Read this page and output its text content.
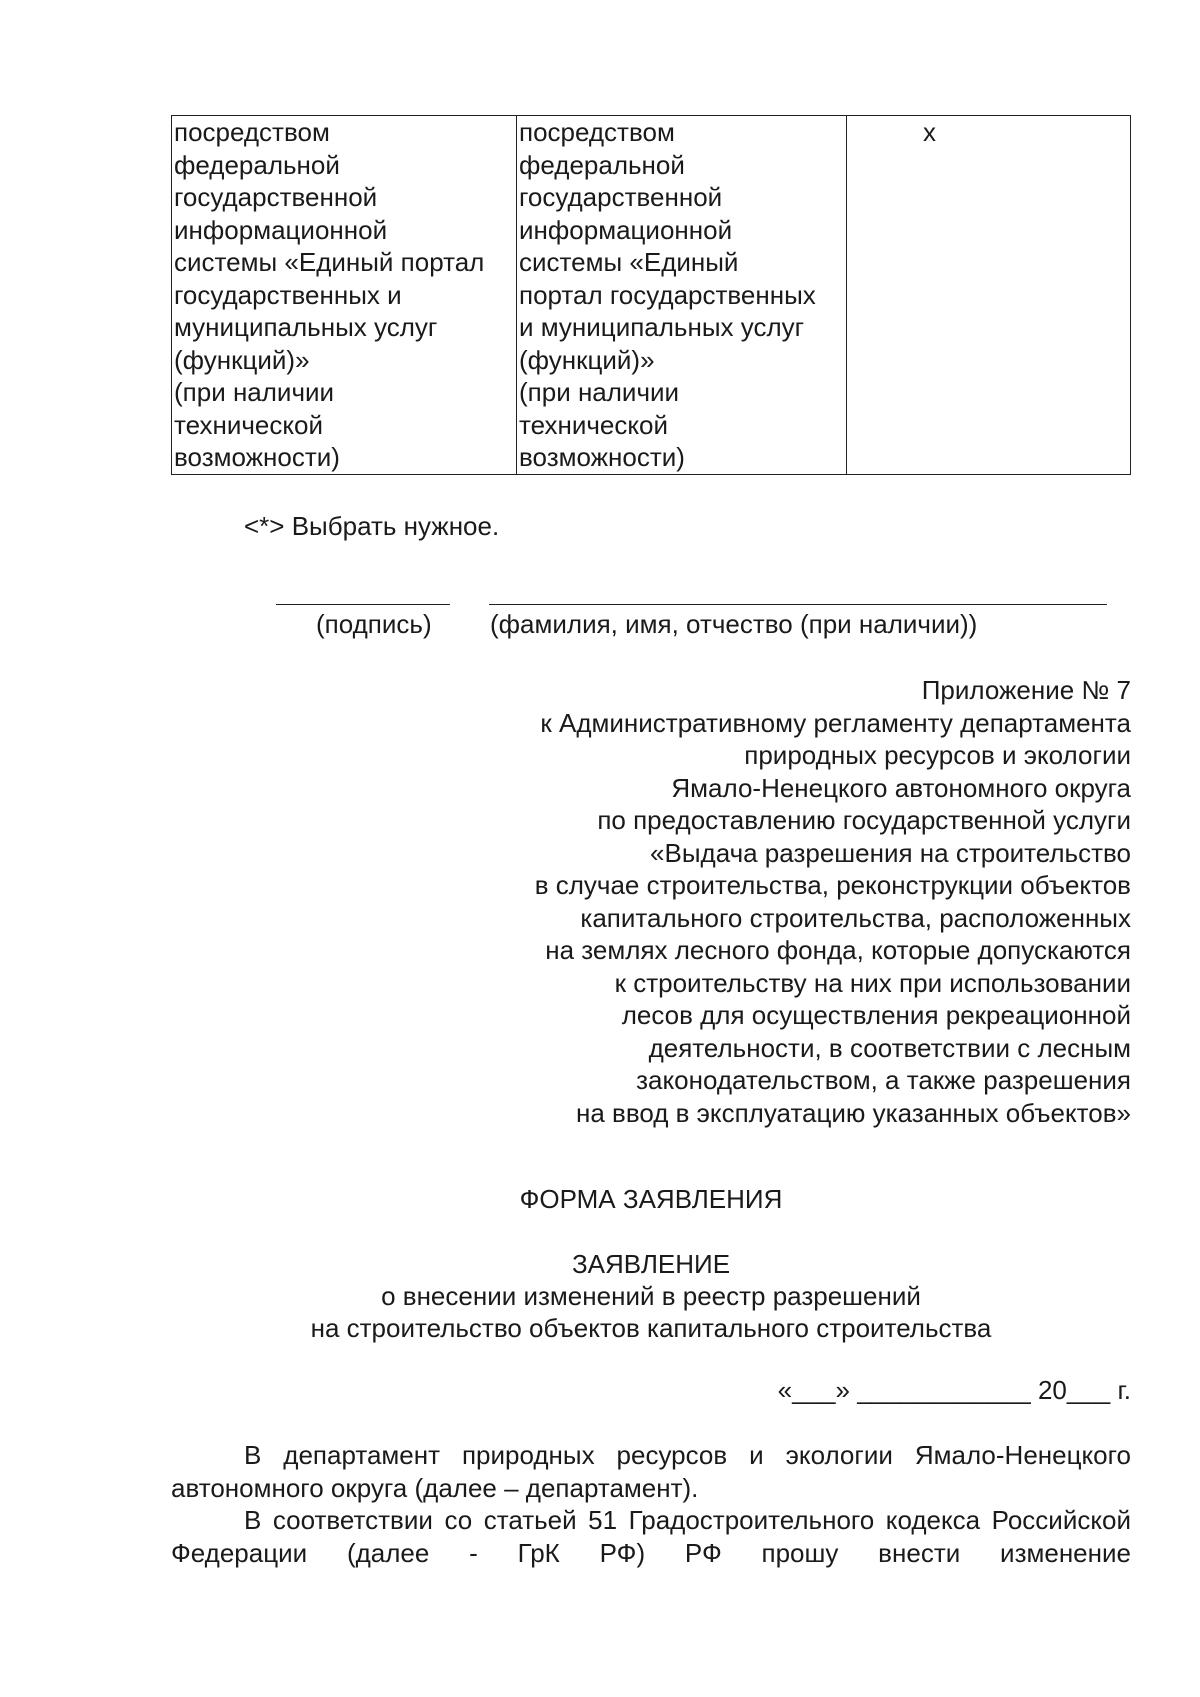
посредством
федеральной
государственной
информационной
системы «Единый портал
государственных и
муниципальных услуг
(функций)»
(при наличии
технической
возможности)	посредством
федеральной
государственной
информационной
системы «Единый
портал государственных
и муниципальных услуг
(функций)»
(при наличии
технической
возможности)	x
<*> Выбрать нужное.
(подпись) (фамилия, имя, отчество (при наличии))
Приложение № 7
к Административному регламенту департамента
природных ресурсов и экологии
Ямало-Ненецкого автономного округа
по предоставлению государственной услуги
«Выдача разрешения на строительство
в случае строительства, реконструкции объектов
капитального строительства, расположенных
на землях лесного фонда, которые допускаются
к строительству на них при использовании
лесов для осуществления рекреационной
деятельности, в соответствии с лесным
законодательством, а также разрешения
на ввод в эксплуатацию указанных объектов»
ФОРМА ЗАЯВЛЕНИЯ
ЗАЯВЛЕНИЕ
о внесении изменений в реестр разрешений
на строительство объектов капитального строительства
«___» ____________ 20___ г.

В департамент природных ресурсов и экологии Ямало-Ненецкого автономного округа (далее – департамент).

В соответствии со статьей 51 Градостроительного кодекса Российской Федерации (далее - ГрК РФ) РФ прошу внести изменение
